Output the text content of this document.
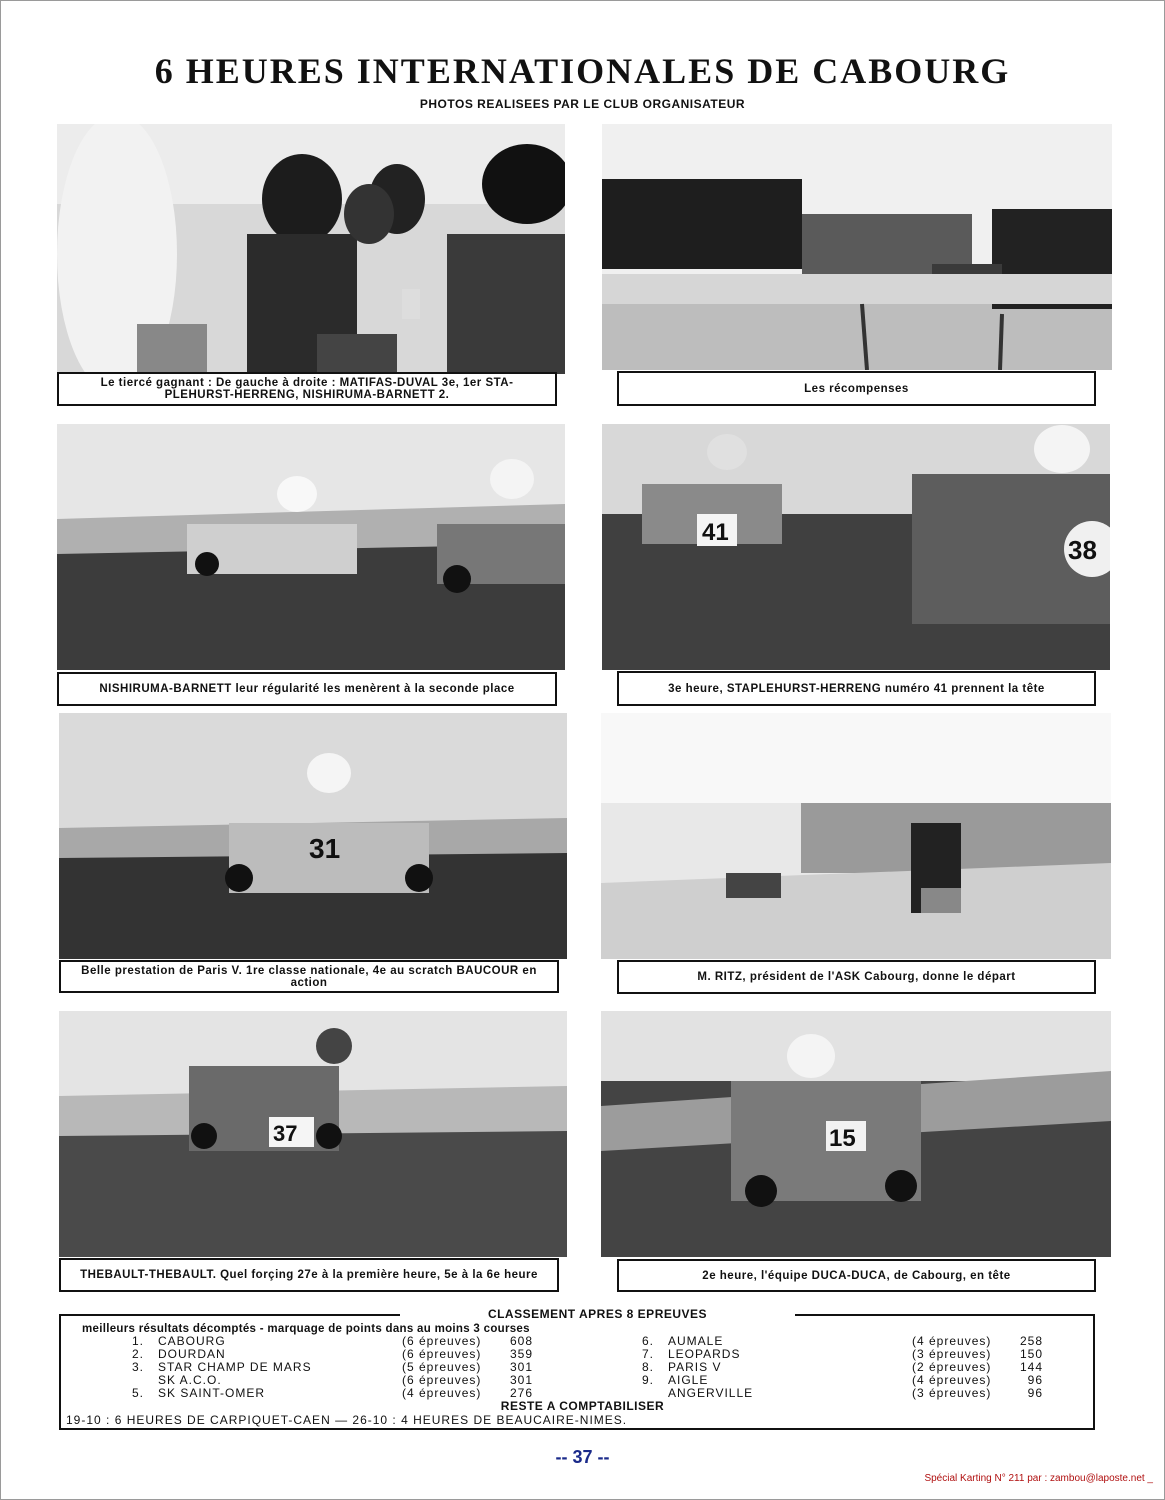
6 HEURES INTERNATIONALES DE CABOURG
PHOTOS REALISEES PAR LE CLUB ORGANISATEUR
Le tiercé gagnant : De gauche à droite : MATIFAS-DUVAL 3e, 1er STA-PLEHURST-HERRENG, NISHIRUMA-BARNETT 2.
Les récompenses
NISHIRUMA-BARNETT leur régularité les menèrent à la seconde place
41
38
3e heure, STAPLEHURST-HERRENG numéro 41 prennent la tête
31
Belle prestation de Paris V. 1re classe nationale, 4e au scratch BAUCOUR en action	M. RITZ, président de l'ASK Cabourg, donne le départ
37
THEBAULT-THEBAULT. Quel forçing 27e à la première heure, 5e à la 6e heure
15
2e heure, l'équipe DUCA-DUCA, de Cabourg, en tête
CLASSEMENT APRES 8 EPREUVES
meilleurs résultats décomptés - marquage de points dans au moins 3 courses
1. CABOURG	(6 épreuves)	608
2. DOURDAN	(6 épreuves)	359
3. STAR CHAMP DE MARS	(5 épreuves)	301
SK A.C.O.	(6 épreuves)	301
5. SK SAINT-OMER	(4 épreuves)	276
6. AUMALE	(4 épreuves)	258
7. LEOPARDS	(3 épreuves)	150
8. PARIS V	(2 épreuves)	144
9. AIGLE	(4 épreuves)	96
ANGERVILLE	(3 épreuves)	96
RESTE A COMPTABILISER
19-10 : 6 HEURES DE CARPIQUET-CAEN — 26-10 : 4 HEURES DE BEAUCAIRE-NIMES.
-- 37 --
Spécial Karting N° 211 par : zambou@laposte.net _
